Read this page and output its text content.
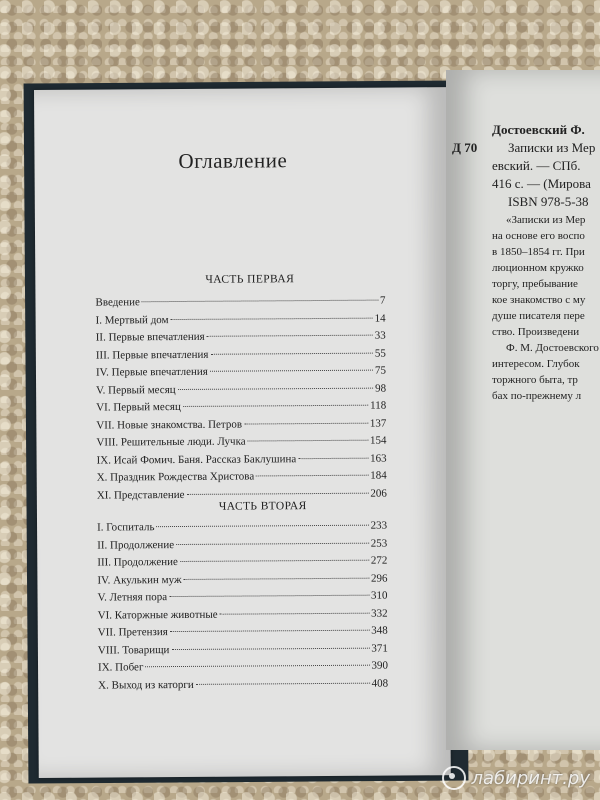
Оглавление
ЧАСТЬ ПЕРВАЯ
Введение	7
I. Мертвый дом	14
II. Первые впечатления	33
III. Первые впечатления	55
IV. Первые впечатления	75
V. Первый месяц	98
VI. Первый месяц	118
VII. Новые знакомства. Петров	137
VIII. Решительные люди. Лучка	154
IX. Исай Фомич. Баня. Рассказ Баклушина	163
X. Праздник Рождества Христова	184
XI. Представление	206
ЧАСТЬ ВТОРАЯ
I. Госпиталь	233
II. Продолжение	253
III. Продолжение	272
IV. Акулькин муж	296
V. Летняя пора	310
VI. Каторжные животные	332
VII. Претензия	348
VIII. Товарищи	371
IX. Побег	390
X. Выход из каторги	408
Достоевский Ф.
Д 70 Записки из Мер
евский. — СПб.
416 с. — (Мирова
ISBN 978-5-38
«Записки из Мер
на основе его воспо
в 1850–1854 гг. При
люционном кружко
торгу, пребывание
кое знакомство с му
душе писателя пере
ство. Произведени
Ф. М. Достоевского
интересом. Глубок
торжного быта, тр
бах по-прежнему л
лабиринт.ру
